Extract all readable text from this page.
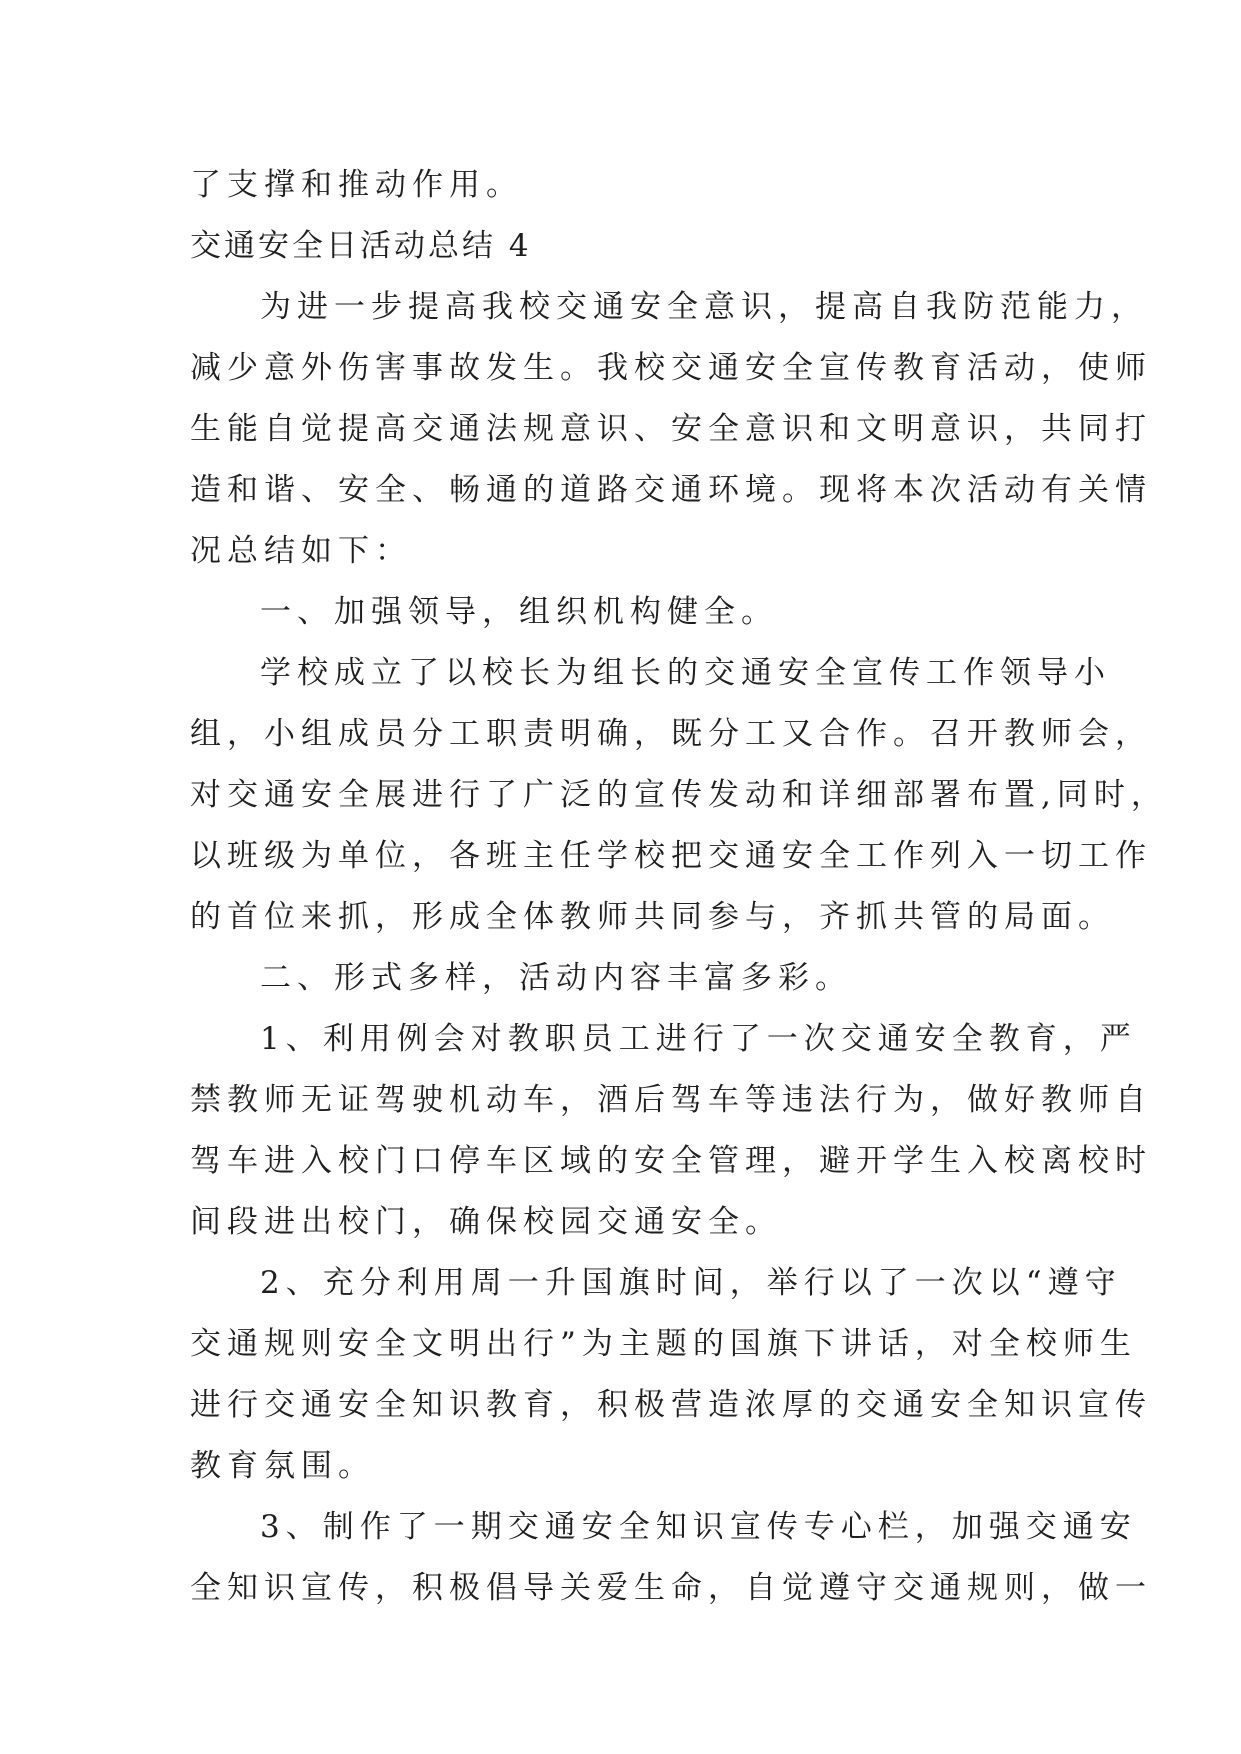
了支撑和推动作用。

交通安全日活动总结 4

为进一步提高我校交通安全意识，提高自我防范能力，

减少意外伤害事故发生。我校交通安全宣传教育活动，使师

生能自觉提高交通法规意识、安全意识和文明意识，共同打

造和谐、安全、畅通的道路交通环境。现将本次活动有关情

况总结如下：

一、加强领导，组织机构健全。

学校成立了以校长为组长的交通安全宣传工作领导小

组，小组成员分工职责明确，既分工又合作。召开教师会，

对交通安全展进行了广泛的宣传发动和详细部署布置,同时，

以班级为单位，各班主任学校把交通安全工作列入一切工作

的首位来抓，形成全体教师共同参与，齐抓共管的局面。

二、形式多样，活动内容丰富多彩。

1、利用例会对教职员工进行了一次交通安全教育，严

禁教师无证驾驶机动车，酒后驾车等违法行为，做好教师自

驾车进入校门口停车区域的安全管理，避开学生入校离校时

间段进出校门，确保校园交通安全。

2、充分利用周一升国旗时间，举行以了一次以“遵守

交通规则安全文明出行”为主题的国旗下讲话，对全校师生

进行交通安全知识教育，积极营造浓厚的交通安全知识宣传

教育氛围。

3、制作了一期交通安全知识宣传专心栏，加强交通安

全知识宣传，积极倡导关爱生命，自觉遵守交通规则，做一
